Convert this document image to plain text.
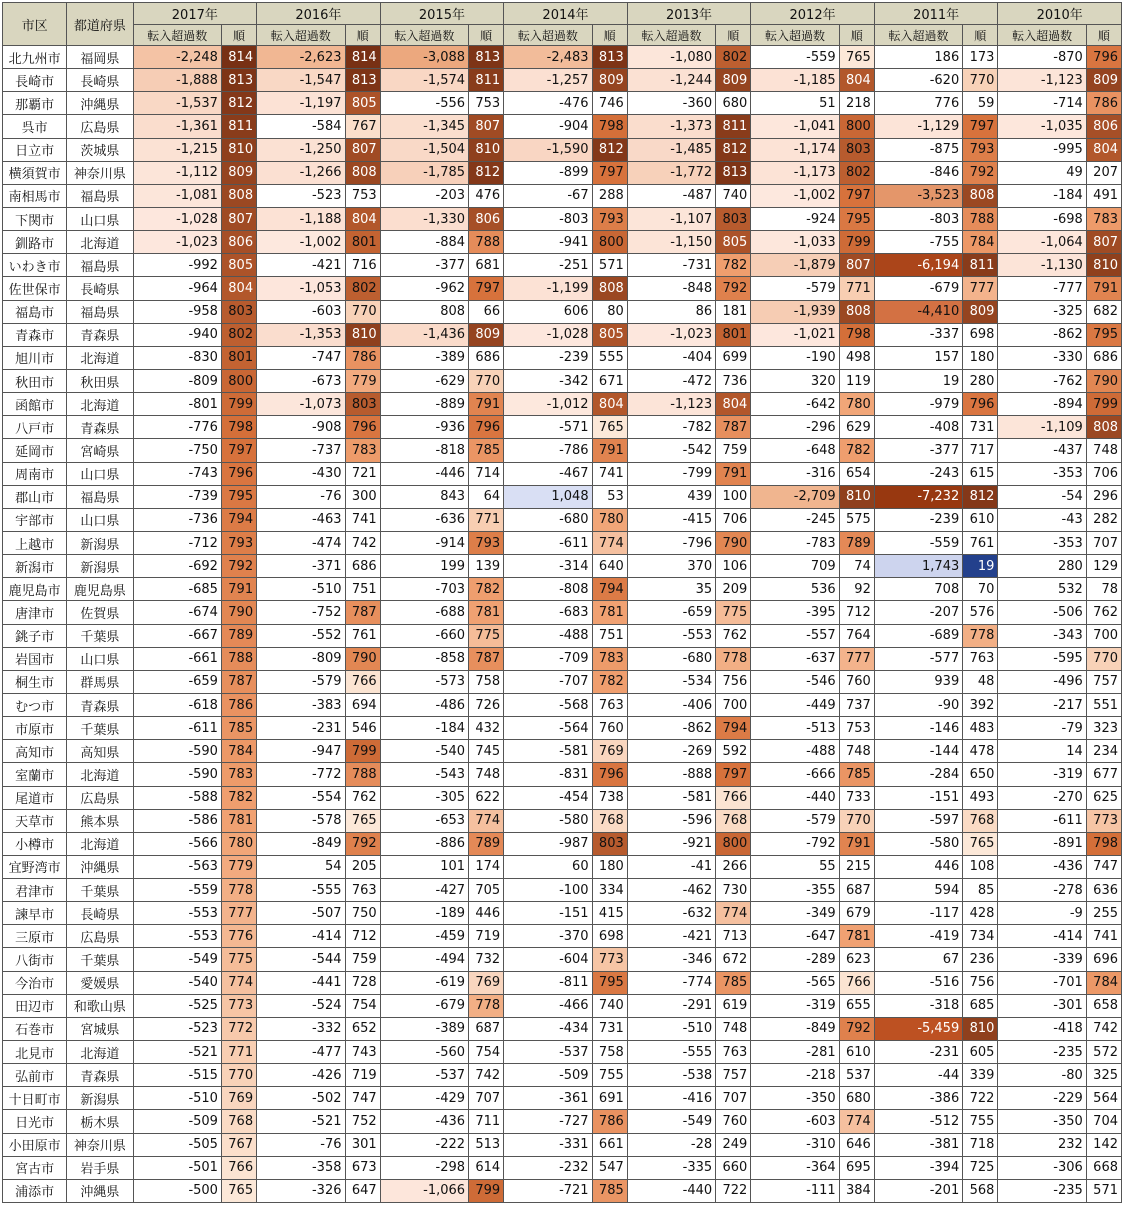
市区	都道府県	2017年		2016年		2015年		2014年		2013年		2012年		2011年		2010年	
		転入超過数	順	転入超過数	順	転入超過数	順	転入超過数	順	転入超過数	順	転入超過数	順	転入超過数	順	転入超過数	順
北九州市	福岡県	-2,248	814	-2,623	814	-3,088	813	-2,483	813	-1,080	802	-559	765	186	173	-870	796
長崎市	長崎県	-1,888	813	-1,547	813	-1,574	811	-1,257	809	-1,244	809	-1,185	804	-620	770	-1,123	809
那覇市	沖縄県	-1,537	812	-1,197	805	-556	753	-476	746	-360	680	51	218	776	59	-714	786
呉市	広島県	-1,361	811	-584	767	-1,345	807	-904	798	-1,373	811	-1,041	800	-1,129	797	-1,035	806
日立市	茨城県	-1,215	810	-1,250	807	-1,504	810	-1,590	812	-1,485	812	-1,174	803	-875	793	-995	804
横須賀市	神奈川県	-1,112	809	-1,266	808	-1,785	812	-899	797	-1,772	813	-1,173	802	-846	792	49	207
南相馬市	福島県	-1,081	808	-523	753	-203	476	-67	288	-487	740	-1,002	797	-3,523	808	-184	491
下関市	山口県	-1,028	807	-1,188	804	-1,330	806	-803	793	-1,107	803	-924	795	-803	788	-698	783
釧路市	北海道	-1,023	806	-1,002	801	-884	788	-941	800	-1,150	805	-1,033	799	-755	784	-1,064	807
いわき市	福島県	-992	805	-421	716	-377	681	-251	571	-731	782	-1,879	807	-6,194	811	-1,130	810
佐世保市	長崎県	-964	804	-1,053	802	-962	797	-1,199	808	-848	792	-579	771	-679	777	-777	791
福島市	福島県	-958	803	-603	770	808	66	606	80	86	181	-1,939	808	-4,410	809	-325	682
青森市	青森県	-940	802	-1,353	810	-1,436	809	-1,028	805	-1,023	801	-1,021	798	-337	698	-862	795
旭川市	北海道	-830	801	-747	786	-389	686	-239	555	-404	699	-190	498	157	180	-330	686
秋田市	秋田県	-809	800	-673	779	-629	770	-342	671	-472	736	320	119	19	280	-762	790
函館市	北海道	-801	799	-1,073	803	-889	791	-1,012	804	-1,123	804	-642	780	-979	796	-894	799
八戸市	青森県	-776	798	-908	796	-936	796	-571	765	-782	787	-296	629	-408	731	-1,109	808
延岡市	宮崎県	-750	797	-737	783	-818	785	-786	791	-542	759	-648	782	-377	717	-437	748
周南市	山口県	-743	796	-430	721	-446	714	-467	741	-799	791	-316	654	-243	615	-353	706
郡山市	福島県	-739	795	-76	300	843	64	1,048	53	439	100	-2,709	810	-7,232	812	-54	296
宇部市	山口県	-736	794	-463	741	-636	771	-680	780	-415	706	-245	575	-239	610	-43	282
上越市	新潟県	-712	793	-474	742	-914	793	-611	774	-796	790	-783	789	-559	761	-353	707
新潟市	新潟県	-692	792	-371	686	199	139	-314	640	370	106	709	74	1,743	19	280	129
鹿児島市	鹿児島県	-685	791	-510	751	-703	782	-808	794	35	209	536	92	708	70	532	78
唐津市	佐賀県	-674	790	-752	787	-688	781	-683	781	-659	775	-395	712	-207	576	-506	762
銚子市	千葉県	-667	789	-552	761	-660	775	-488	751	-553	762	-557	764	-689	778	-343	700
岩国市	山口県	-661	788	-809	790	-858	787	-709	783	-680	778	-637	777	-577	763	-595	770
桐生市	群馬県	-659	787	-579	766	-573	758	-707	782	-534	756	-546	760	939	48	-496	757
むつ市	青森県	-618	786	-383	694	-486	726	-568	763	-406	700	-449	737	-90	392	-217	551
市原市	千葉県	-611	785	-231	546	-184	432	-564	760	-862	794	-513	753	-146	483	-79	323
高知市	高知県	-590	784	-947	799	-540	745	-581	769	-269	592	-488	748	-144	478	14	234
室蘭市	北海道	-590	783	-772	788	-543	748	-831	796	-888	797	-666	785	-284	650	-319	677
尾道市	広島県	-588	782	-554	762	-305	622	-454	738	-581	766	-440	733	-151	493	-270	625
天草市	熊本県	-586	781	-578	765	-653	774	-580	768	-596	768	-579	770	-597	768	-611	773
小樽市	北海道	-566	780	-849	792	-886	789	-987	803	-921	800	-792	791	-580	765	-891	798
宜野湾市	沖縄県	-563	779	54	205	101	174	60	180	-41	266	55	215	446	108	-436	747
君津市	千葉県	-559	778	-555	763	-427	705	-100	334	-462	730	-355	687	594	85	-278	636
諫早市	長崎県	-553	777	-507	750	-189	446	-151	415	-632	774	-349	679	-117	428	-9	255
三原市	広島県	-553	776	-414	712	-459	719	-370	698	-421	713	-647	781	-419	734	-414	741
八街市	千葉県	-549	775	-544	759	-494	732	-604	773	-346	672	-289	623	67	236	-339	696
今治市	愛媛県	-540	774	-441	728	-619	769	-811	795	-774	785	-565	766	-516	756	-701	784
田辺市	和歌山県	-525	773	-524	754	-679	778	-466	740	-291	619	-319	655	-318	685	-301	658
石巻市	宮城県	-523	772	-332	652	-389	687	-434	731	-510	748	-849	792	-5,459	810	-418	742
北見市	北海道	-521	771	-477	743	-560	754	-537	758	-555	763	-281	610	-231	605	-235	572
弘前市	青森県	-515	770	-426	719	-537	742	-509	755	-538	757	-218	537	-44	339	-80	325
十日町市	新潟県	-510	769	-502	747	-429	707	-361	691	-416	707	-350	680	-386	722	-229	564
日光市	栃木県	-509	768	-521	752	-436	711	-727	786	-549	760	-603	774	-512	755	-350	704
小田原市	神奈川県	-505	767	-76	301	-222	513	-331	661	-28	249	-310	646	-381	718	232	142
宮古市	岩手県	-501	766	-358	673	-298	614	-232	547	-335	660	-364	695	-394	725	-306	668
浦添市	沖縄県	-500	765	-326	647	-1,066	799	-721	785	-440	722	-111	384	-201	568	-235	571
